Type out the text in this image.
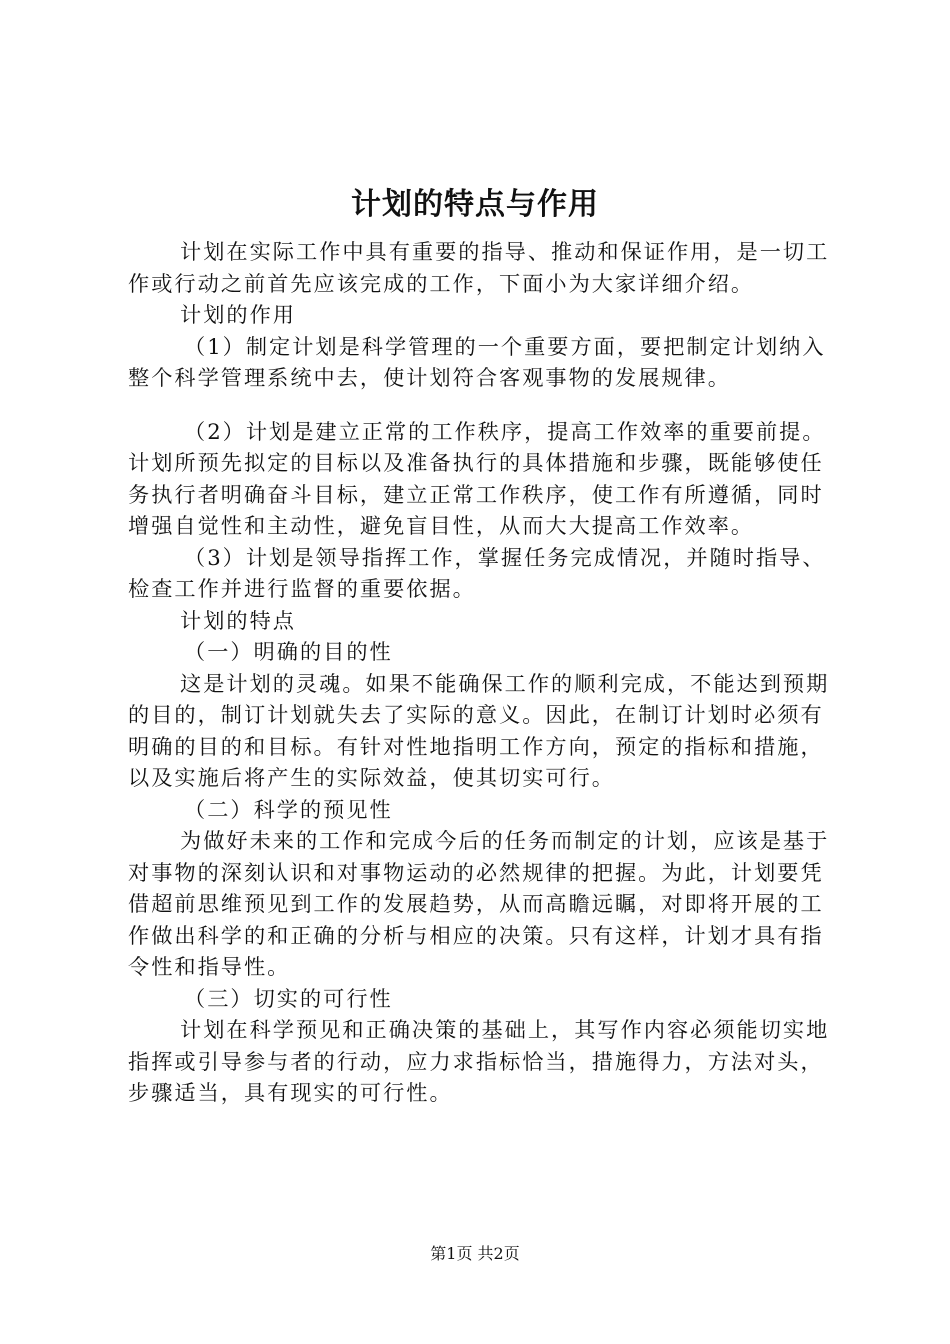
计划的特点与作用

计划在实际工作中具有重要的指导、推动和保证作用，是一切工作或行动之前首先应该完成的工作，下面小为大家详细介绍。

计划的作用

（1）制定计划是科学管理的一个重要方面，要把制定计划纳入整个科学管理系统中去，使计划符合客观事物的发展规律。

（2）计划是建立正常的工作秩序，提高工作效率的重要前提。计划所预先拟定的目标以及准备执行的具体措施和步骤，既能够使任务执行者明确奋斗目标，建立正常工作秩序，使工作有所遵循，同时增强自觉性和主动性，避免盲目性，从而大大提高工作效率。

（3）计划是领导指挥工作，掌握任务完成情况，并随时指导、检查工作并进行监督的重要依据。

计划的特点

（一）明确的目的性

这是计划的灵魂。如果不能确保工作的顺利完成，不能达到预期的目的，制订计划就失去了实际的意义。因此，在制订计划时必须有明确的目的和目标。有针对性地指明工作方向，预定的指标和措施，以及实施后将产生的实际效益，使其切实可行。

（二）科学的预见性

为做好未来的工作和完成今后的任务而制定的计划，应该是基于对事物的深刻认识和对事物运动的必然规律的把握。为此，计划要凭借超前思维预见到工作的发展趋势，从而高瞻远瞩，对即将开展的工作做出科学的和正确的分析与相应的决策。只有这样，计划才具有指令性和指导性。

（三）切实的可行性

计划在科学预见和正确决策的基础上，其写作内容必须能切实地指挥或引导参与者的行动，应力求指标恰当，措施得力，方法对头，步骤适当，具有现实的可行性。

第1页 共2页
